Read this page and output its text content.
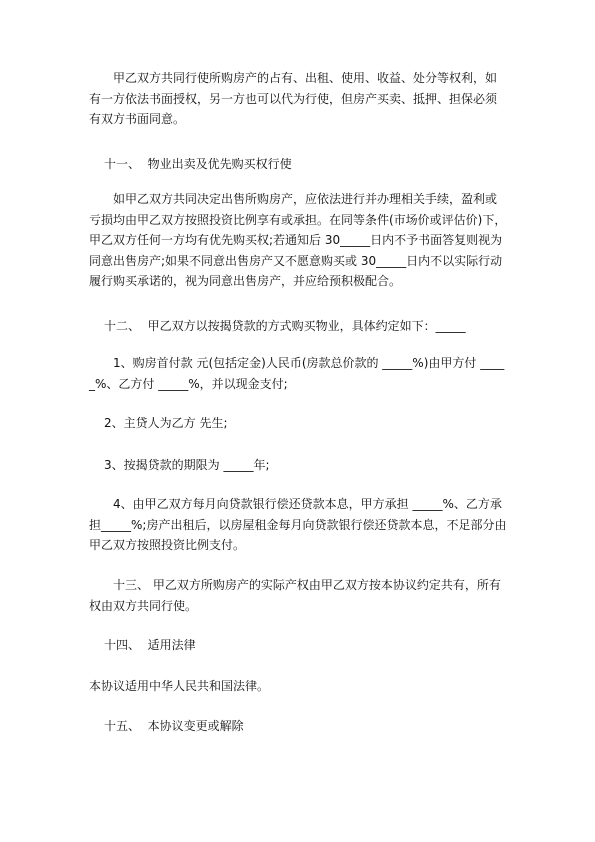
　　甲乙双方共同行使所购房产的占有、出租、使用、收益、处分等权利，如有一方依法书面授权，另一方也可以代为行使，但房产买卖、抵押、担保必须有双方书面同意。

十一、  物业出卖及优先购买权行使

　　如甲乙双方共同决定出售所购房产，应依法进行并办理相关手续，盈利或亏损均由甲乙双方按照投资比例享有或承担。在同等条件(市场价或评估价)下，甲乙双方任何一方均有优先购买权;若通知后 30_____日内不予书面答复则视为同意出售房产;如果不同意出售房产又不愿意购买或 30_____日内不以实际行动履行购买承诺的，视为同意出售房产，并应给预积极配合。

十二、  甲乙双方以按揭贷款的方式购买物业，具体约定如下：_____

　　1、购房首付款 元(包括定金)人民币(房款总价款的 _____%)由甲方付 _____%、乙方付 _____%，并以现金支付;

2、主贷人为乙方 先生;

3、按揭贷款的期限为 _____年;

　　4、由甲乙双方每月向贷款银行偿还贷款本息，甲方承担 _____%、乙方承担_____%;房产出租后，以房屋租金每月向贷款银行偿还贷款本息，不足部分由甲乙双方按照投资比例支付。

　　十三、 甲乙双方所购房产的实际产权由甲乙双方按本协议约定共有，所有权由双方共同行使。

十四、  适用法律

本协议适用中华人民共和国法律。

十五、  本协议变更或解除
